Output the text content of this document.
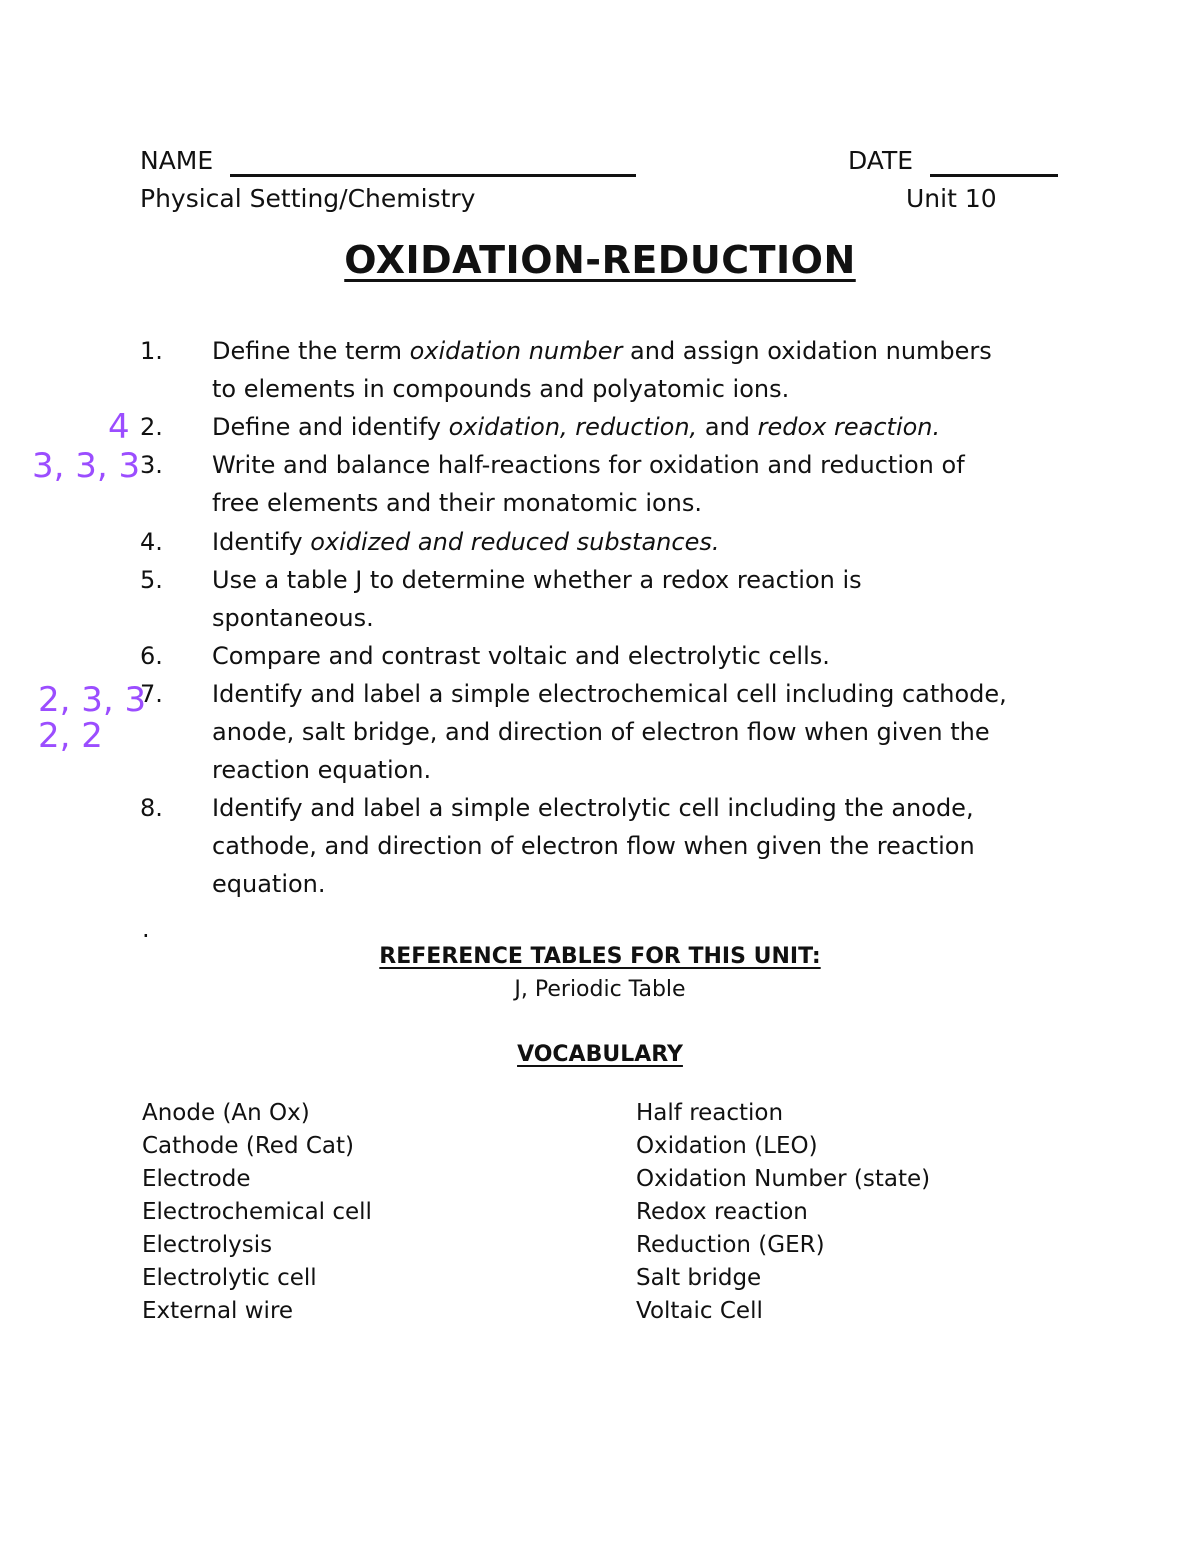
NAME	DATE
Physical Setting/Chemistry	Unit 10
OXIDATION-REDUCTION
1. Define the term oxidation number and assign oxidation numbers
to elements in compounds and polyatomic ions.
2. Define and identify oxidation, reduction, and redox reaction.
3. Write and balance half-reactions for oxidation and reduction of
free elements and their monatomic ions.
4. Identify oxidized and reduced substances.
5. Use a table J to determine whether a redox reaction is
spontaneous.
6. Compare and contrast voltaic and electrolytic cells.
7. Identify and label a simple electrochemical cell including cathode,
anode, salt bridge, and direction of electron flow when given the
reaction equation.
8. Identify and label a simple electrolytic cell including the anode,
cathode, and direction of electron flow when given the reaction
equation.
4
3, 3, 3
2, 3, 3
2, 2
.
REFERENCE TABLES FOR THIS UNIT:
J, Periodic Table
VOCABULARY
Anode (An Ox)
Cathode (Red Cat)
Electrode
Electrochemical cell
Electrolysis
Electrolytic cell
External wire
Half reaction
Oxidation (LEO)
Oxidation Number (state)
Redox reaction
Reduction (GER)
Salt bridge
Voltaic Cell
